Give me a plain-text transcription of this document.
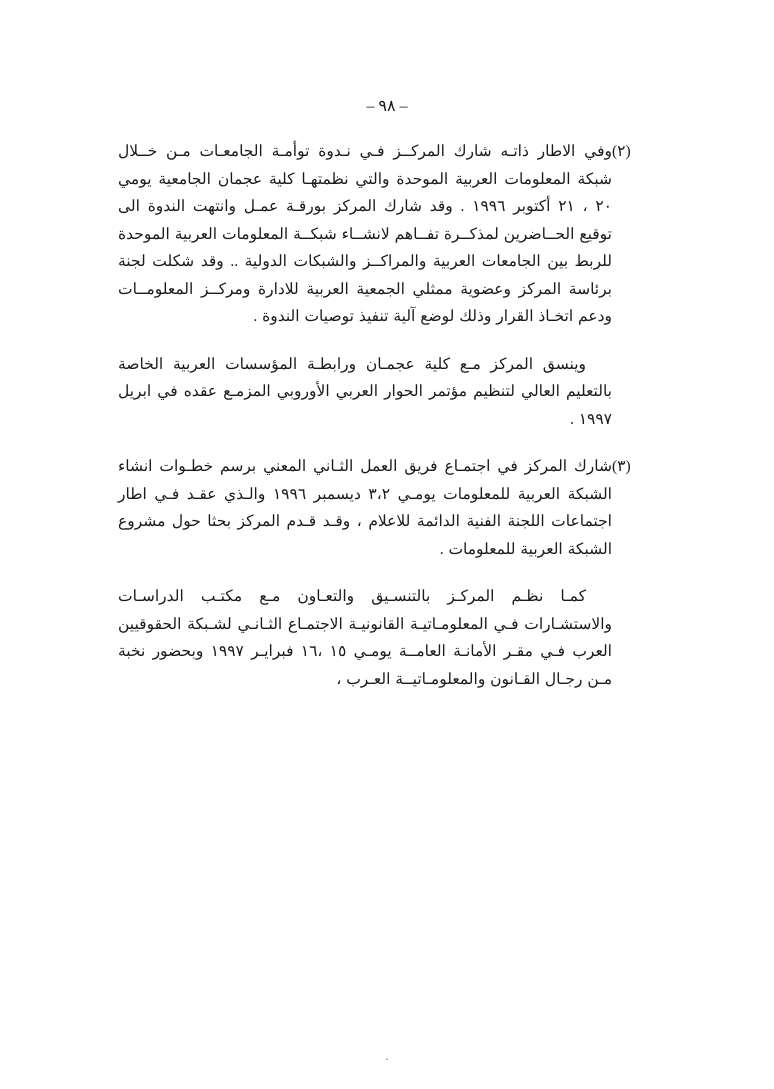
– ٩٨ –
(٢)
وفي الاطار ذاتـه شارك المركــز فـي نـدوة توأمـة الجامعـات مـن خــلال شبكة المعلومات العربية الموحدة والتي نظمتهـا كلية عجمان الجامعية يومي ٢٠ ، ٢١ أكتوبر ١٩٩٦ . وقد شارك المركز بورقـة عمـل وانتهت الندوة الى توقيع الحــاضرين لمذكــرة تفــاهم لانشــاء شبكــة المعلومات العربية الموحدة للربط بين الجامعات العربية والمراكــز والشبكات الدولية .. وقد شكلت لجنة برئاسة المركز وعضوية ممثلي الجمعية العربية للادارة ومركــز المعلومــات ودعم اتخـاذ القرار وذلك لوضع آلية تنفيذ توصيات الندوة .
وينسق المركز مـع كلية عجمـان ورابطـة المؤسسات العربية الخاصة بالتعليم العالي لتنظيم مؤتمر الحوار العربي الأوروبي المزمـع عقده في ابريل ١٩٩٧ .
(٣)
شارك المركز في اجتمـاع فريق العمل الثـاني المعني برسم خطـوات انشاء الشبكة العربية للمعلومات يومـي ٣،٢ ديسمبر ١٩٩٦ والـذي عقـد فـي اطار اجتماعات اللجنة الفنية الدائمة للاعلام ، وقـد قـدم المركز بحثا حول مشروع الشبكة العربية للمعلومات .
كمـا نظـم المركـز بالتنسـيق والتعـاون مـع مكتـب الدراسـات والاستشـارات فـي المعلومـاتيـة القانونيـة الاجتمـاع الثـانـي لشـبكة الحقوقيين العرب فـي مقـر الأمانـة العامــة يومـي ١٥ ،١٦ فبرايـر ١٩٩٧ وبحضور نخبة مـن رجـال القـانون والمعلومـاتيــة العـرب ،
.
